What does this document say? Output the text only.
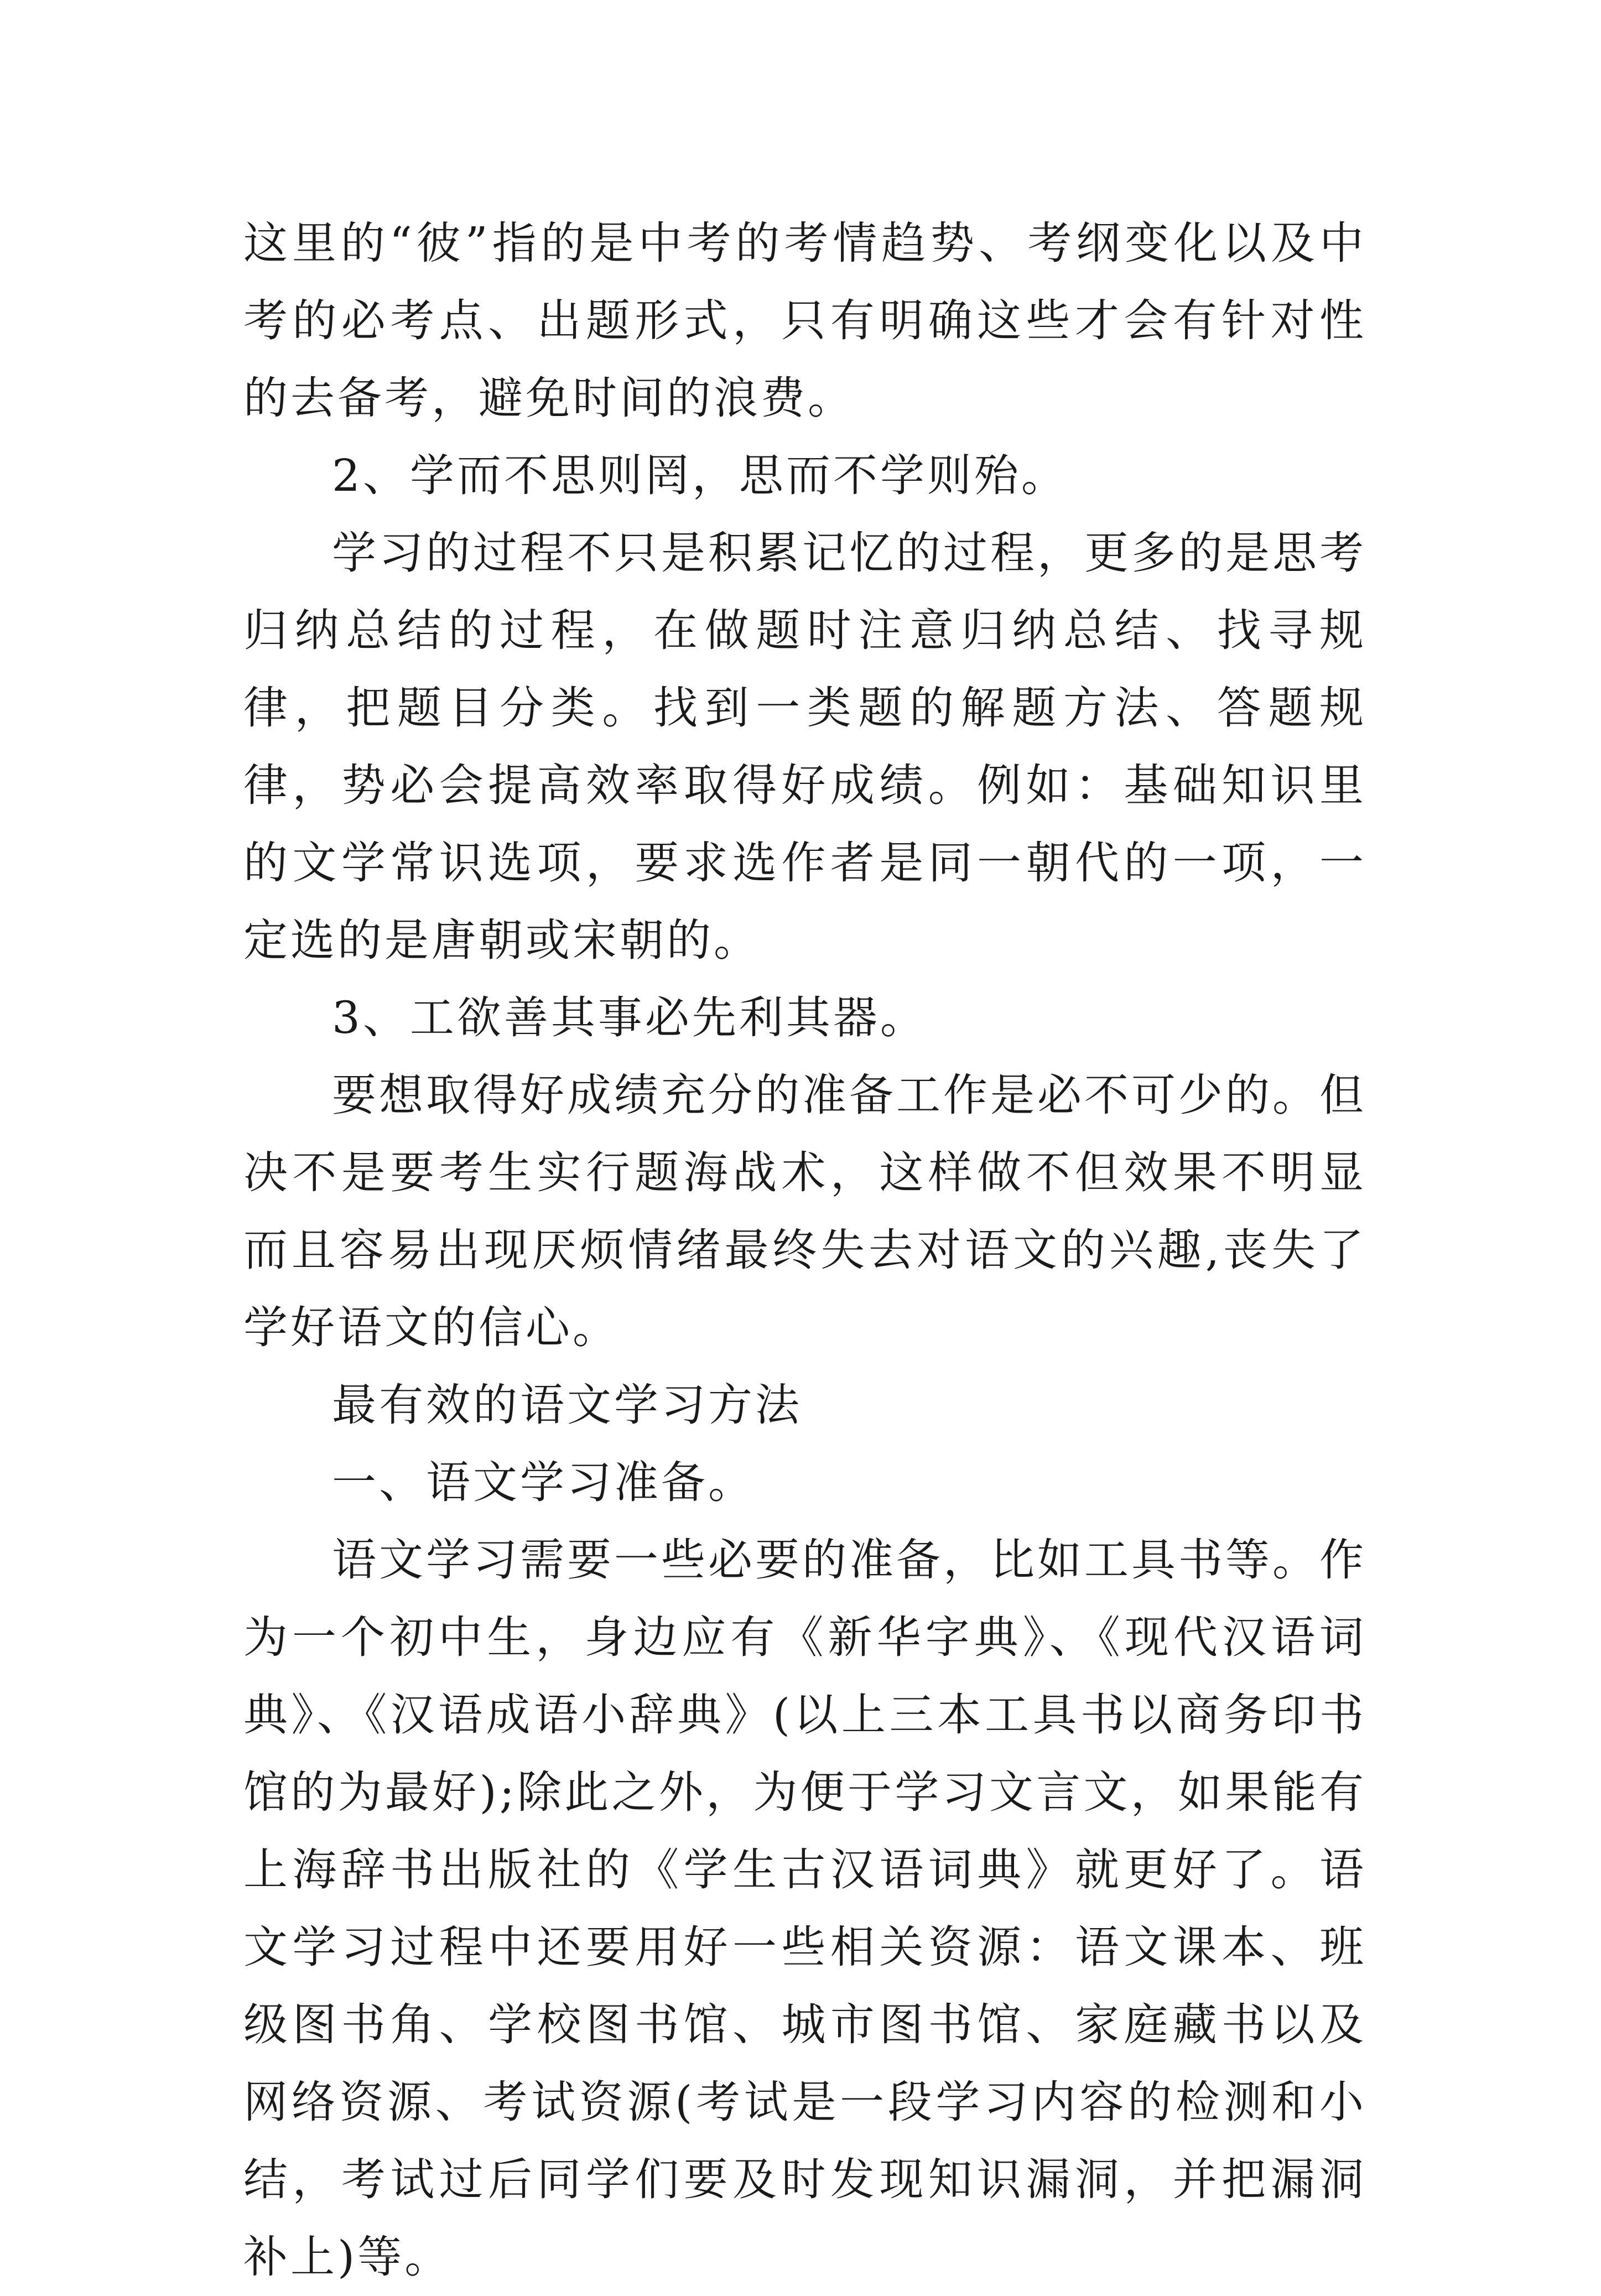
这里的“彼”指的是中考的考情趋势、考纲变化以及中考的必考点、出题形式，只有明确这些才会有针对性的去备考，避免时间的浪费。

2、学而不思则罔，思而不学则殆。

学习的过程不只是积累记忆的过程，更多的是思考归纳总结的过程，在做题时注意归纳总结、找寻规律，把题目分类。找到一类题的解题方法、答题规律，势必会提高效率取得好成绩。例如：基础知识里的文学常识选项，要求选作者是同一朝代的一项，一定选的是唐朝或宋朝的。

3、工欲善其事必先利其器。

要想取得好成绩充分的准备工作是必不可少的。但决不是要考生实行题海战术，这样做不但效果不明显而且容易出现厌烦情绪最终失去对语文的兴趣,丧失了学好语文的信心。

最有效的语文学习方法

一、语文学习准备。

语文学习需要一些必要的准备，比如工具书等。作为一个初中生，身边应有《新华字典》、《现代汉语词典》、《汉语成语小辞典》(以上三本工具书以商务印书馆的为最好);除此之外，为便于学习文言文，如果能有上海辞书出版社的《学生古汉语词典》就更好了。语文学习过程中还要用好一些相关资源：语文课本、班级图书角、学校图书馆、城市图书馆、家庭藏书以及网络资源、考试资源(考试是一段学习内容的检测和小结，考试过后同学们要及时发现知识漏洞，并把漏洞补上)等。
